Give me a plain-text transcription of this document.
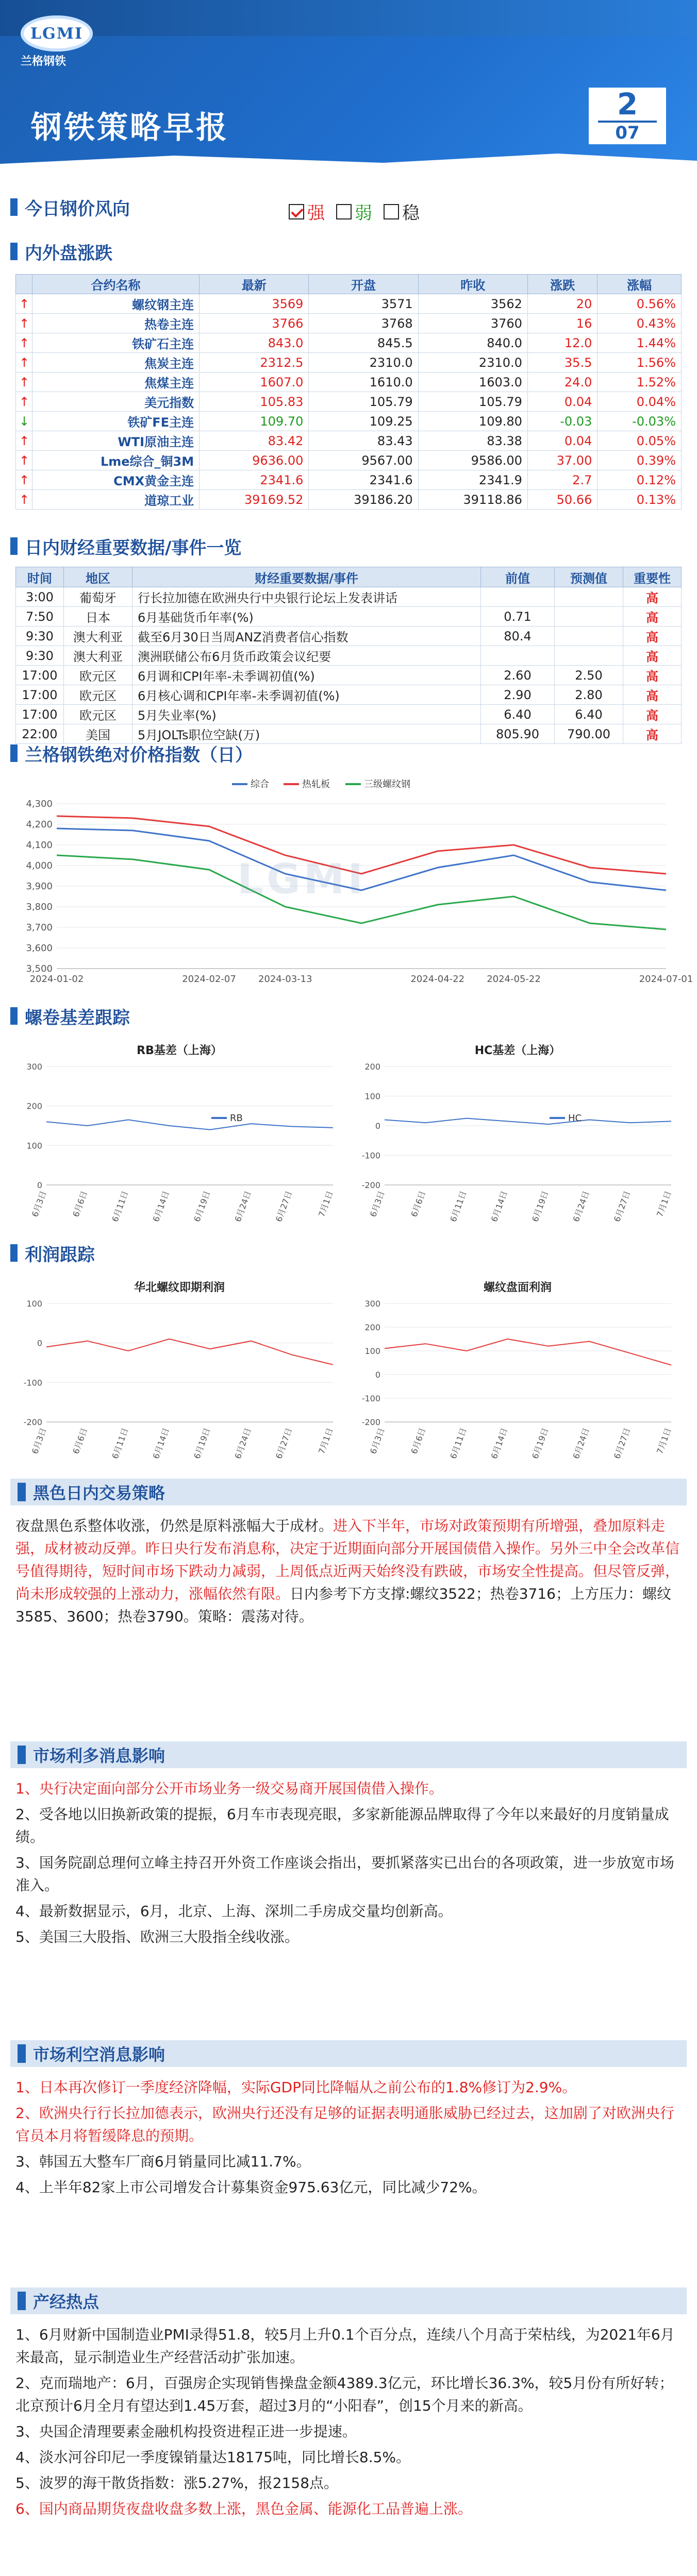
LGMI
兰格钢铁
钢铁策略早报
2
07
今日钢价风向	强 弱 稳
内外盘涨跌
	合约名称	最新	开盘	昨收	涨跌	涨幅
↑	螺纹钢主连	3569	3571	3562	20	0.56%
↑	热卷主连	3766	3768	3760	16	0.43%
↑	铁矿石主连	843.0	845.5	840.0	12.0	1.44%
↑	焦炭主连	2312.5	2310.0	2310.0	35.5	1.56%
↑	焦煤主连	1607.0	1610.0	1603.0	24.0	1.52%
↑	美元指数	105.83	105.79	105.79	0.04	0.04%
↓	铁矿FE主连	109.70	109.25	109.80	-0.03	-0.03%
↑	WTI原油主连	83.42	83.43	83.38	0.04	0.05%
↑	Lme综合_铜3M	9636.00	9567.00	9586.00	37.00	0.39%
↑	CMX黄金主连	2341.6	2341.6	2341.9	2.7	0.12%
↑	道琼工业	39169.52	39186.20	39118.86	50.66	0.13%
日内财经重要数据/事件一览
时间	地区	财经重要数据/事件	前值	预测值	重要性
3:00	葡萄牙	行长拉加德在欧洲央行中央银行论坛上发表讲话			高
7:50	日本	6月基础货币年率(%)	0.71		高
9:30	澳大利亚	截至6月30日当周ANZ消费者信心指数	80.4		高
9:30	澳大利亚	澳洲联储公布6月货币政策会议纪要			高
17:00	欧元区	6月调和CPI年率-未季调初值(%)	2.60	2.50	高
17:00	欧元区	6月核心调和CPI年率-未季调初值(%)	2.90	2.80	高
17:00	欧元区	5月失业率(%)	6.40	6.40	高
22:00	美国	5月JOLTs职位空缺(万)	805.90	790.00	高
兰格钢铁绝对价格指数（日）
LGMI
3,500
3,600
3,700
3,800
3,900
4,000
4,100
4,200
4,300
2024-01-02	2024-02-07 2024-03-13	2024-04-22 2024-05-22	2024-07-01
综合	热轧板	三级螺纹钢
螺卷基差跟踪
0
100
200
300
6月3日	6月6日	6月11日	6月14日	6月19日	6月24日	6月27日	7月1日
RB基差（上海）
RB
-200
-100
0
100
200
6月3日	6月6日	6月11日	6月14日	6月19日	6月24日	6月27日	7月1日
HC基差（上海）
HC
利润跟踪
-200
-100
0
100
6月3日	6月6日	6月11日	6月14日	6月19日	6月24日	6月27日	7月1日
华北螺纹即期利润
-200
-100
0
100
200
300
6月3日	6月6日	6月11日	6月14日	6月19日	6月24日	6月27日	7月1日
螺纹盘面利润
黑色日内交易策略

夜盘黑色系整体收涨，仍然是原料涨幅大于成材。进入下半年，市场对政策预期有所增强，叠加原料走强，成材被动反弹。昨日央行发布消息称，决定于近期面向部分开展国债借入操作。另外三中全会改革信号值得期待，短时间市场下跌动力减弱，上周低点近两天始终没有跌破，市场安全性提高。但尽管反弹，尚未形成较强的上涨动力，涨幅依然有限。日内参考下方支撑:螺纹3522；热卷3716；上方压力：螺纹3585、3600；热卷3790。策略：震荡对待。

市场利多消息影响

1、央行决定面向部分公开市场业务一级交易商开展国债借入操作。

2、受各地以旧换新政策的提振，6月车市表现亮眼，多家新能源品牌取得了今年以来最好的月度销量成绩。

3、国务院副总理何立峰主持召开外资工作座谈会指出，要抓紧落实已出台的各项政策，进一步放宽市场准入。

4、最新数据显示，6月，北京、上海、深圳二手房成交量均创新高。

5、美国三大股指、欧洲三大股指全线收涨。

市场利空消息影响

1、日本再次修订一季度经济降幅，实际GDP同比降幅从之前公布的1.8%修订为2.9%。

2、欧洲央行行长拉加德表示，欧洲央行还没有足够的证据表明通胀威胁已经过去，这加剧了对欧洲央行官员本月将暂缓降息的预期。

3、韩国五大整车厂商6月销量同比减11.7%。

4、上半年82家上市公司增发合计募集资金975.63亿元，同比减少72%。

产经热点

1、6月财新中国制造业PMI录得51.8，较5月上升0.1个百分点，连续八个月高于荣枯线，为2021年6月来最高，显示制造业生产经营活动扩张加速。

2、克而瑞地产：6月，百强房企实现销售操盘金额4389.3亿元，环比增长36.3%，较5月份有所好转；北京预计6月全月有望达到1.45万套，超过3月的“小阳春”，创15个月来的新高。

3、央国企清理要素金融机构投资进程正进一步提速。

4、淡水河谷印尼一季度镍销量达18175吨，同比增长8.5%。

5、波罗的海干散货指数：涨5.27%，报2158点。

6、国内商品期货夜盘收盘多数上涨，黑色金属、能源化工品普遍上涨。
